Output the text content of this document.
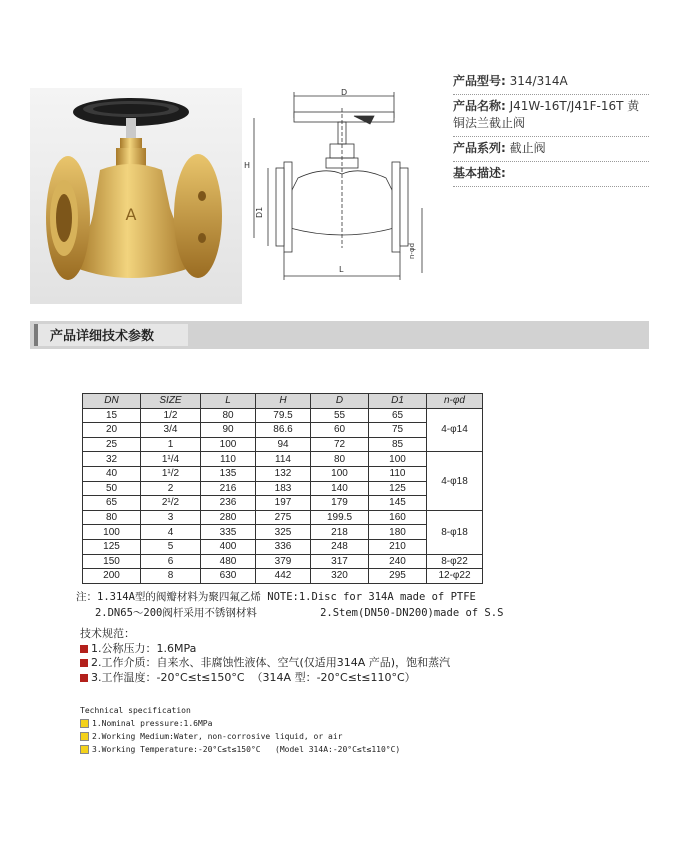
A
D
H
D1
L
n-φd
产品型号: 314/314A
产品名称: J41W-16T/J41F-16T 黄铜法兰截止阀
产品系列: 截止阀
基本描述:
产品详细技术参数
DN	SIZE	L	H	D	D1	n-φd
15	1/2	80	79.5	55	65	4-φ14
20	3/4	90	86.6	60	75	
25	1	100	94	72	85	
32	1¹/4	110	114	80	100	4-φ18
40	1¹/2	135	132	100	110	
50	2	216	183	140	125	
65	2¹/2	236	197	179	145	
80	3	280	275	199.5	160	8-φ18
100	4	335	325	218	180	
125	5	400	336	248	210	
150	6	480	379	317	240	8-φ22
200	8	630	442	320	295	12-φ22
注：1.314A型的阀瓣材料为聚四氟乙烯 NOTE:1.Disc for 314A made of PTFE
2.DN65～200阀杆采用不锈钢材料          2.Stem(DN50-DN200)made of S.S
技术规范：
1.公称压力：1.6MPa
2.工作介质：自来水、非腐蚀性液体、空气(仅适用314A 产品)，饱和蒸汽
3.工作温度：-20°C≤t≤150°C  （314A 型：-20°C≤t≤110°C）
Technical specification
1.Nominal pressure:1.6MPa
2.Working Medium:Water, non-corrosive liquid, or air
3.Working Temperature:-20°C≤t≤150°C   (Model 314A:-20°C≤t≤110°C)
